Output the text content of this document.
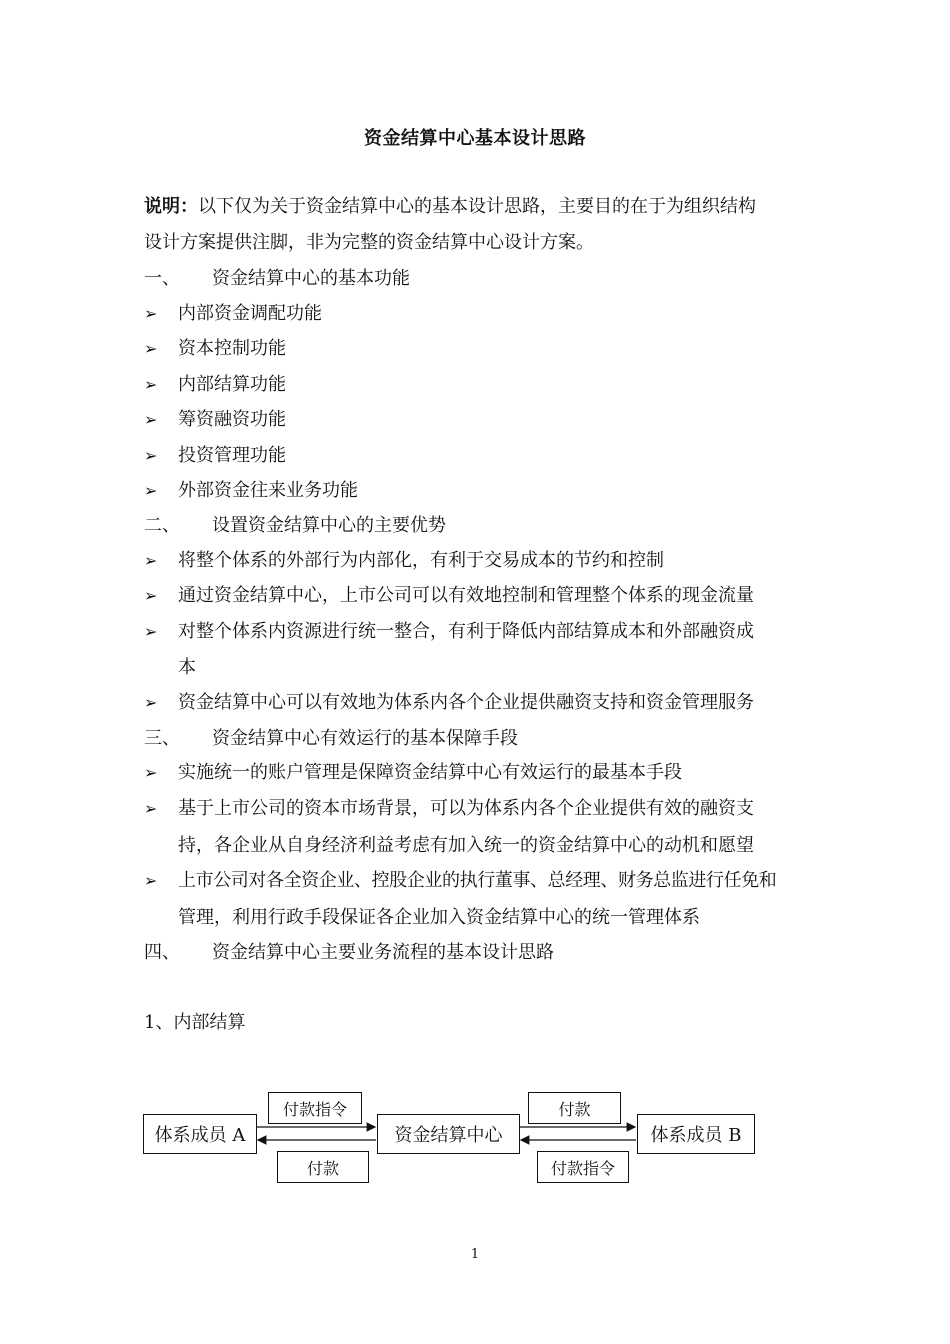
资金结算中心基本设计思路
说明：以下仅为关于资金结算中心的基本设计思路，主要目的在于为组织结构
设计方案提供注脚，非为完整的资金结算中心设计方案。
一、 资金结算中心的基本功能
➢ 内部资金调配功能
➢ 资本控制功能
➢ 内部结算功能
➢ 筹资融资功能
➢ 投资管理功能
➢ 外部资金往来业务功能
二、 设置资金结算中心的主要优势
➢ 将整个体系的外部行为内部化，有利于交易成本的节约和控制
➢ 通过资金结算中心，上市公司可以有效地控制和管理整个体系的现金流量
➢ 对整个体系内资源进行统一整合，有利于降低内部结算成本和外部融资成
本
➢ 资金结算中心可以有效地为体系内各个企业提供融资支持和资金管理服务
三、 资金结算中心有效运行的基本保障手段
➢ 实施统一的账户管理是保障资金结算中心有效运行的最基本手段
➢ 基于上市公司的资本市场背景，可以为体系内各个企业提供有效的融资支
持，各企业从自身经济利益考虑有加入统一的资金结算中心的动机和愿望
➢ 上市公司对各全资企业、控股企业的执行董事、总经理、财务总监进行任免和
管理，利用行政手段保证各企业加入资金结算中心的统一管理体系
四、 资金结算中心主要业务流程的基本设计思路
1、内部结算
体系成员 A	资金结算中心	体系成员 B
付款指令
付款
付款
付款指令
1
